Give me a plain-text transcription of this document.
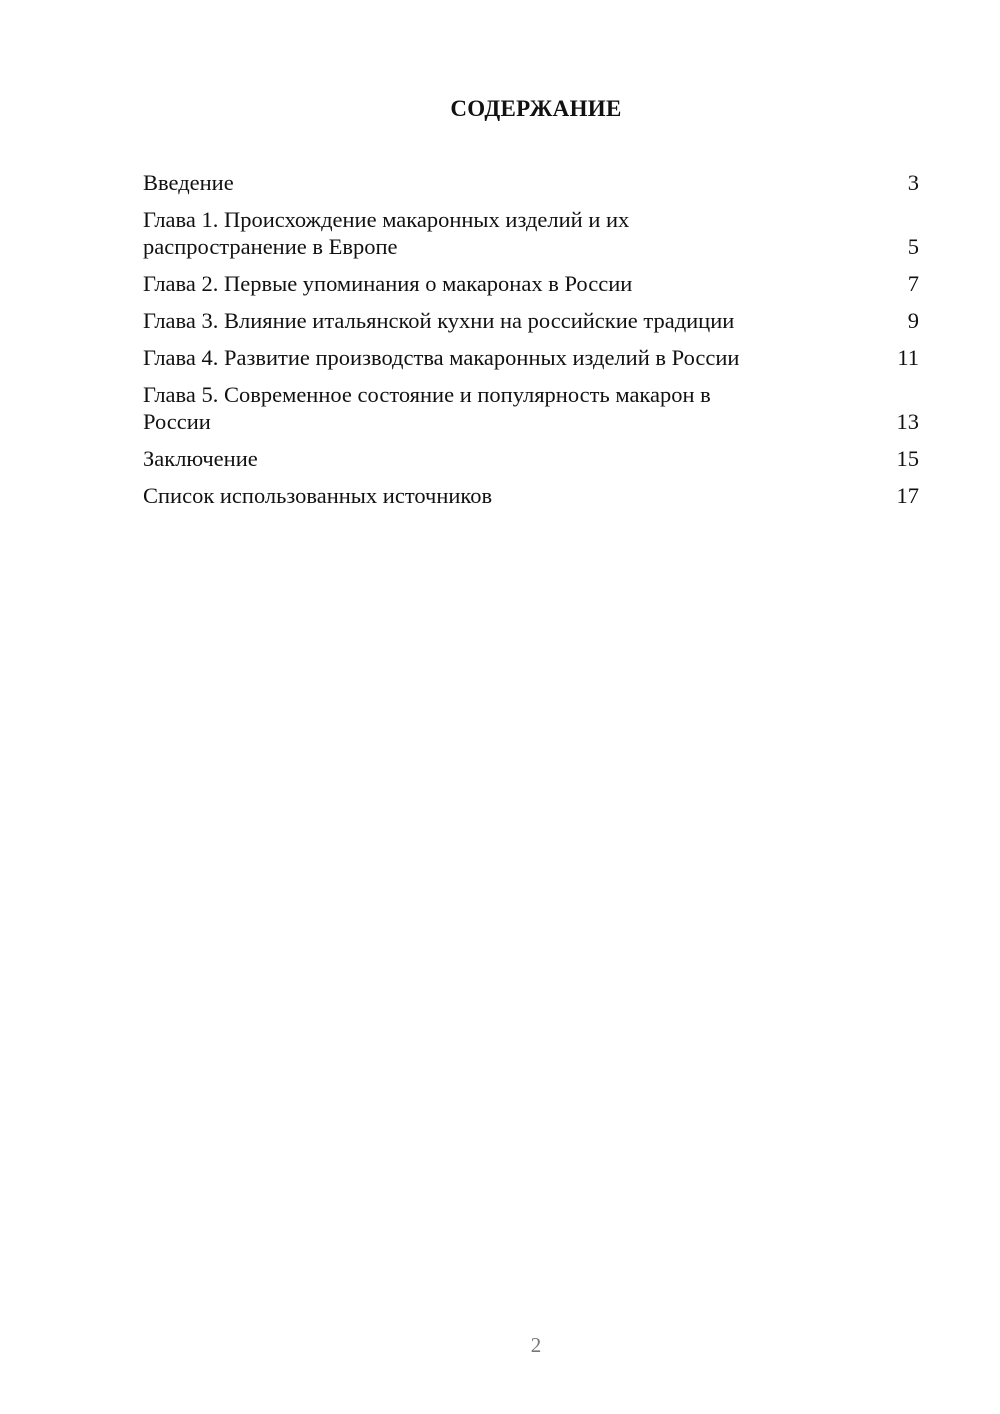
СОДЕРЖАНИЕ
Введение	3
Глава 1. Происхождение макаронных изделий и их
распространение в Европе	5
Глава 2. Первые упоминания о макаронах в России	7
Глава 3. Влияние итальянской кухни на российские традиции	9
Глава 4. Развитие производства макаронных изделий в России	11
Глава 5. Современное состояние и популярность макарон в
России	13
Заключение	15
Список использованных источников	17
2
